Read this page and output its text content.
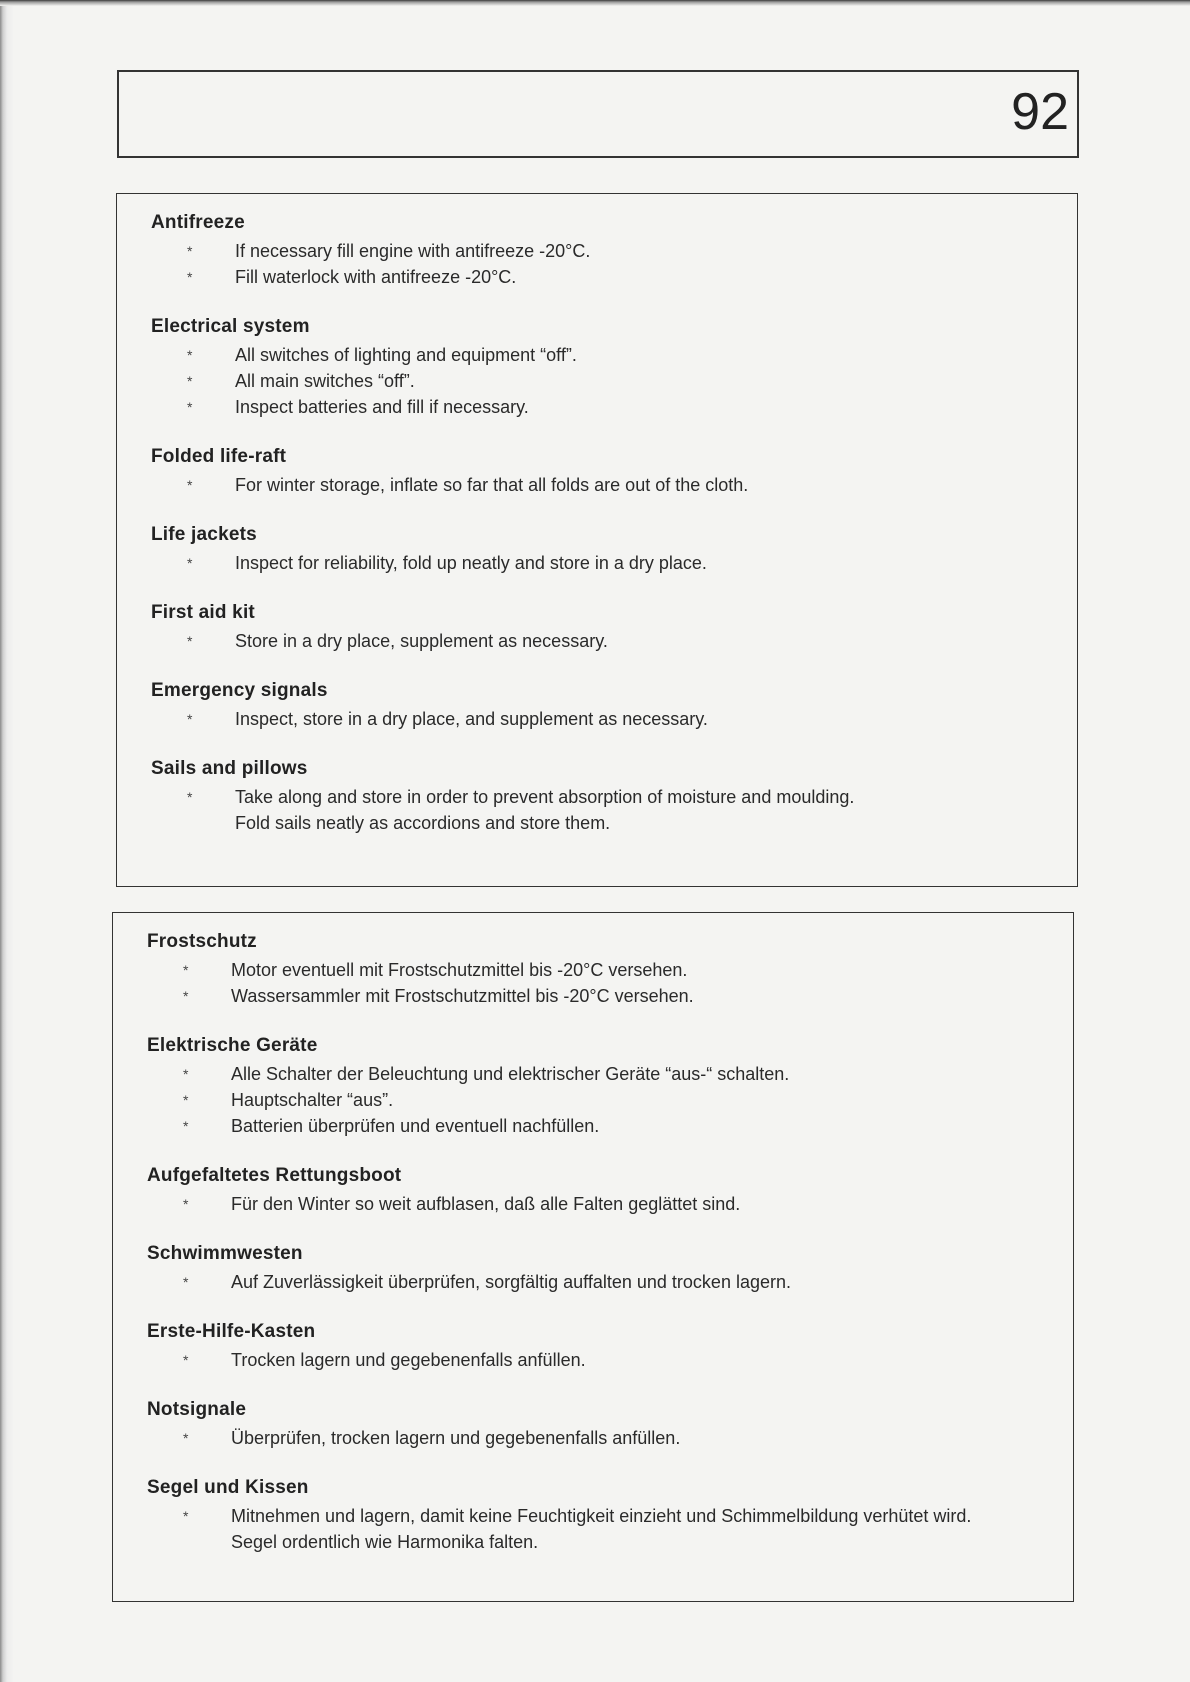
92
Antifreeze
* If necessary fill engine with antifreeze -20°C.
* Fill waterlock with antifreeze -20°C.
Electrical system
* All switches of lighting and equipment “off”.
* All main switches “off”.
* Inspect batteries and fill if necessary.
Folded life-raft
* For winter storage, inflate so far that all folds are out of the cloth.
Life jackets
* Inspect for reliability, fold up neatly and store in a dry place.
First aid kit
* Store in a dry place, supplement as necessary.
Emergency signals
* Inspect, store in a dry place, and supplement as necessary.
Sails and pillows
* Take along and store in order to prevent absorption of moisture and moulding.
Fold sails neatly as accordions and store them.
Frostschutz
* Motor eventuell mit Frostschutzmittel bis -20°C versehen.
* Wassersammler mit Frostschutzmittel bis -20°C versehen.
Elektrische Geräte
* Alle Schalter der Beleuchtung und elektrischer Geräte “aus-“ schalten.
* Hauptschalter “aus”.
* Batterien überprüfen und eventuell nachfüllen.
Aufgefaltetes Rettungsboot
* Für den Winter so weit aufblasen, daß alle Falten geglättet sind.
Schwimmwesten
* Auf Zuverlässigkeit überprüfen, sorgfältig auffalten und trocken lagern.
Erste-Hilfe-Kasten
* Trocken lagern und gegebenenfalls anfüllen.
Notsignale
* Überprüfen, trocken lagern und gegebenenfalls anfüllen.
Segel und Kissen
* Mitnehmen und lagern, damit keine Feuchtigkeit einzieht und Schimmelbildung verhütet wird.
Segel ordentlich wie Harmonika falten.
